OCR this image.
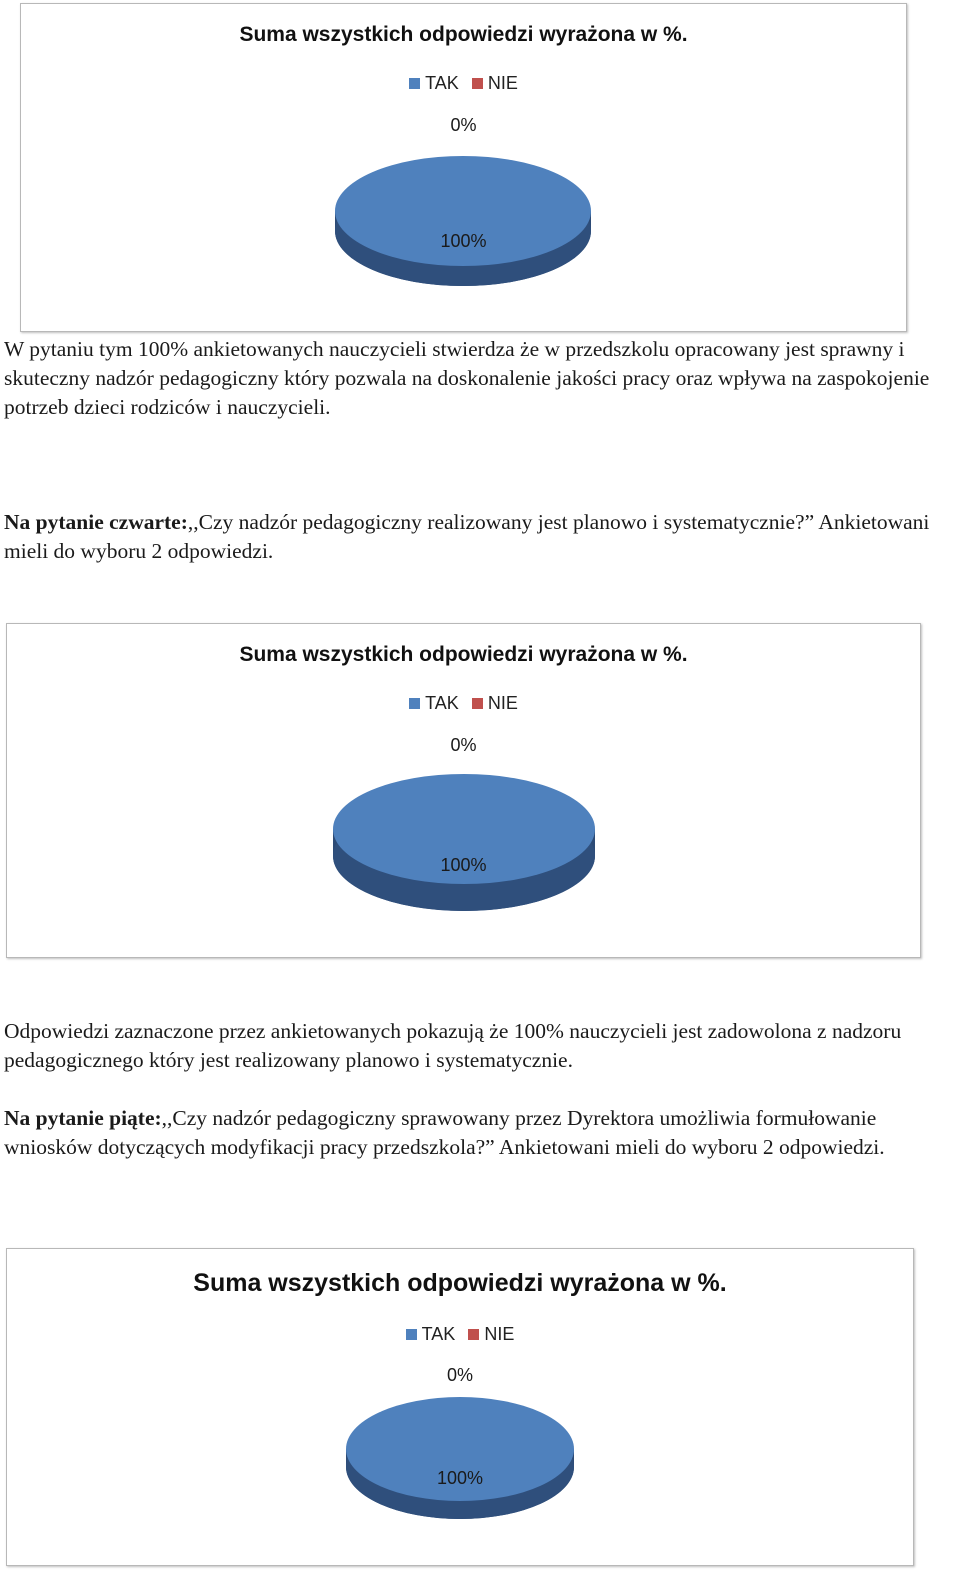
Suma wszystkich odpowiedzi wyrażona w %.
TAK
NIE
0%
100%

W pytaniu tym 100% ankietowanych nauczycieli stwierdza że w przedszkolu opracowany jest sprawny i skuteczny nadzór pedagogiczny który pozwala na doskonalenie jakości pracy oraz wpływa na zaspokojenie potrzeb dzieci rodziców i nauczycieli.

Na pytanie czwarte:,,Czy nadzór pedagogiczny realizowany jest planowo i systematycznie?” Ankietowani mieli do wyboru 2 odpowiedzi.

Suma wszystkich odpowiedzi wyrażona w %.
TAK
NIE
0%
100%

Odpowiedzi zaznaczone przez ankietowanych pokazują że 100% nauczycieli jest zadowolona z nadzoru pedagogicznego który jest realizowany planowo i systematycznie.

Na pytanie piąte:,,Czy nadzór pedagogiczny sprawowany przez Dyrektora umożliwia formułowanie wniosków dotyczących modyfikacji pracy przedszkola?” Ankietowani mieli do wyboru 2 odpowiedzi.

Suma wszystkich odpowiedzi wyrażona w %.
TAK
NIE
0%
100%
